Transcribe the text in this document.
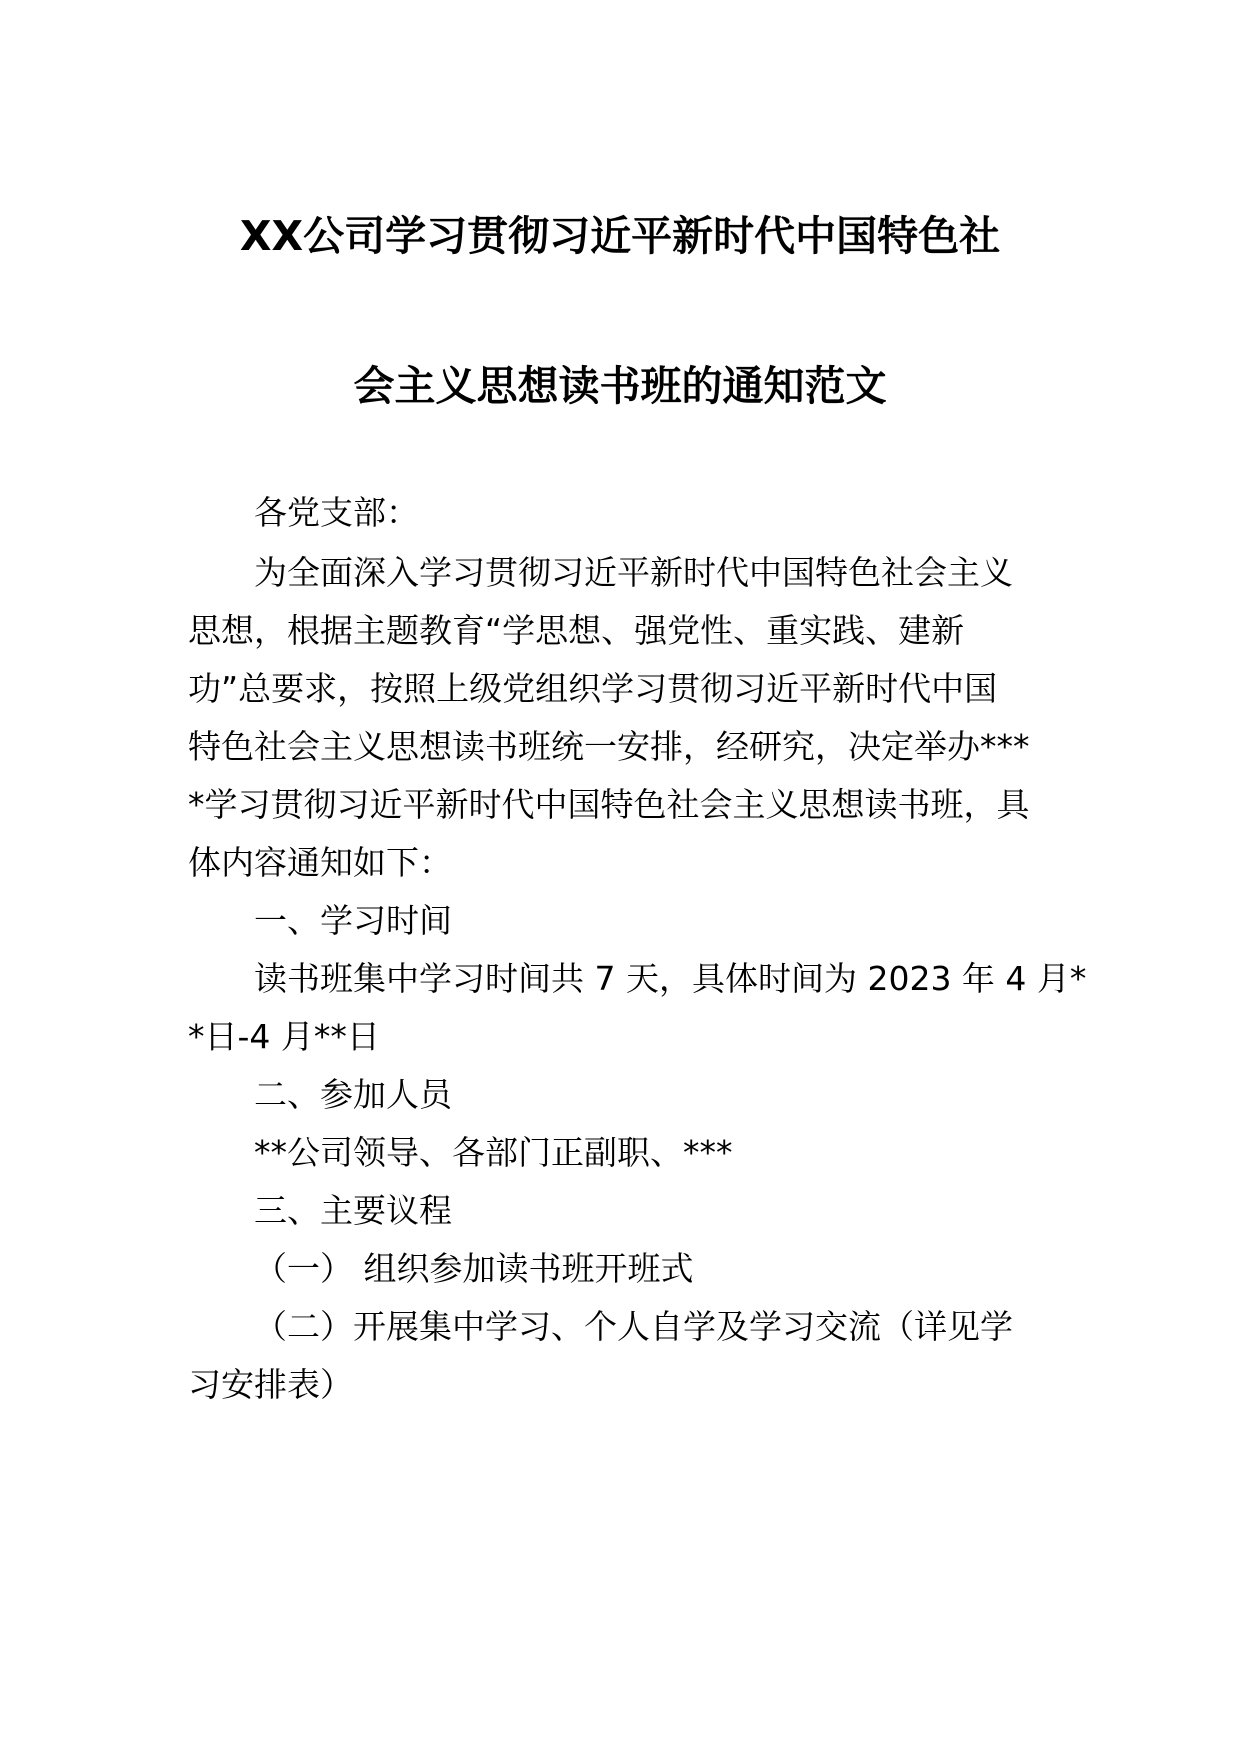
XX公司学习贯彻习近平新时代中国特色社
会主义思想读书班的通知范文
各党支部：
为全面深入学习贯彻习近平新时代中国特色社会主义
思想，根据主题教育“学思想、强党性、重实践、建新
功”总要求，按照上级党组织学习贯彻习近平新时代中国
特色社会主义思想读书班统一安排，经研究，决定举办***
*学习贯彻习近平新时代中国特色社会主义思想读书班，具
体内容通知如下：
一、学习时间
读书班集中学习时间共 7 天，具体时间为 2023 年 4 月*
*日-4 月**日
二、参加人员
**公司领导、各部门正副职、***
三、主要议程
（一） 组织参加读书班开班式
（二）开展集中学习、个人自学及学习交流（详见学
习安排表）
